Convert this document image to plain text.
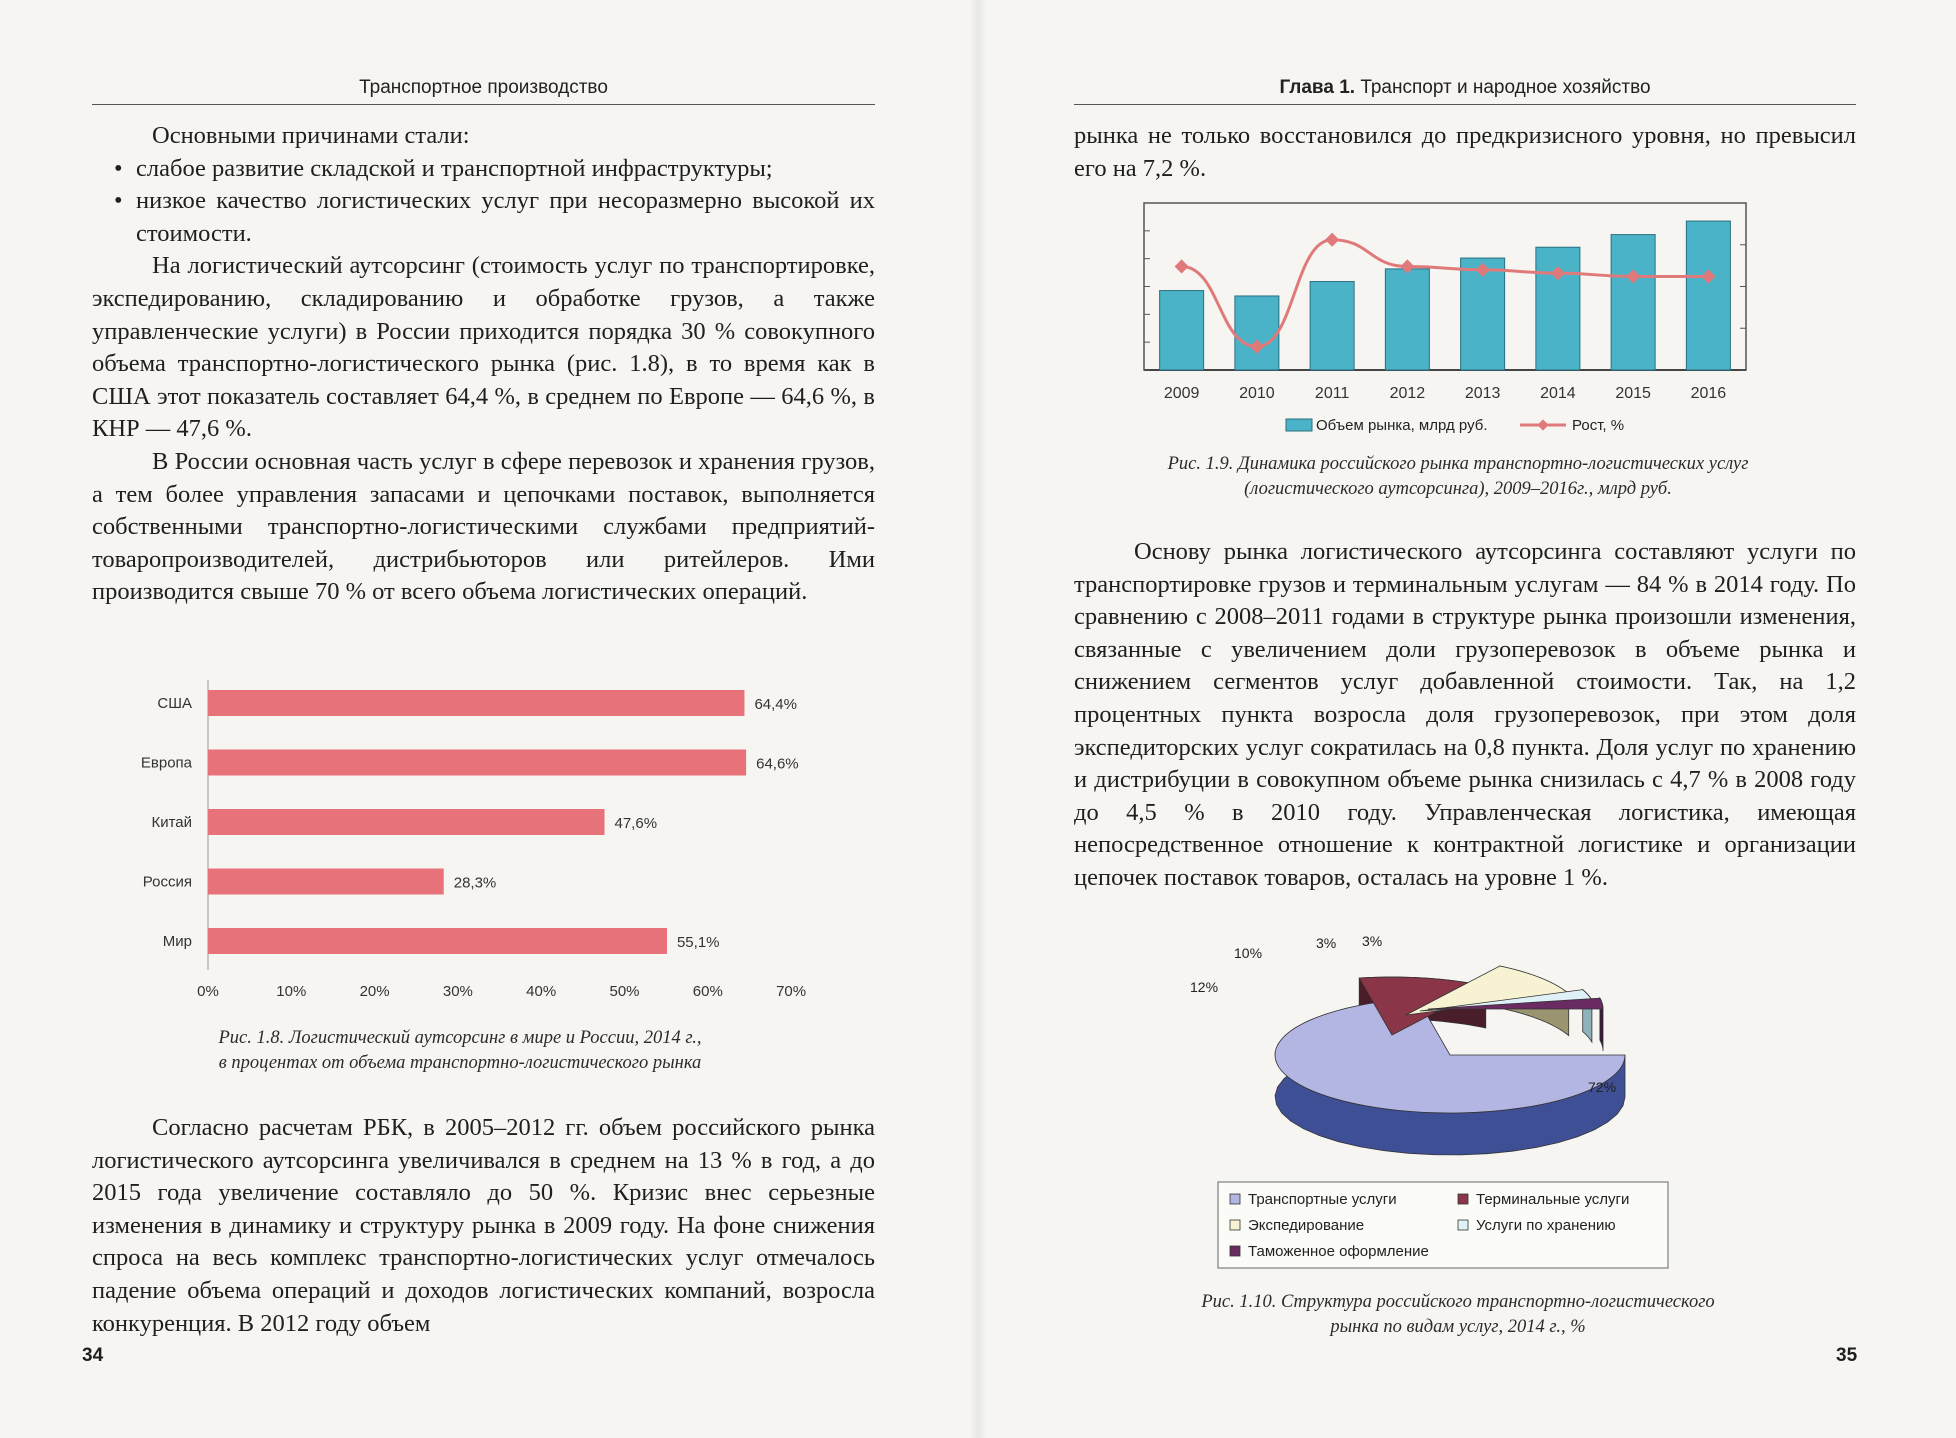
Транспортное производство

Основными причинами стали:

• слабое развитие складской и транспортной инфраструктуры;
• низкое качество логистических услуг при несоразмерно высокой их стоимости.

На логистический аутсорсинг (стоимость услуг по транспортировке, экспедированию, складированию и обработке грузов, а также управленческие услуги) в России приходится порядка 30 % совокупного объема транспортно-логистического рынка (рис. 1.8), в то время как в США этот показатель составляет 64,4 %, в среднем по Европе — 64,6 %, в КНР — 47,6 %.

В России основная часть услуг в сфере перевозок и хранения грузов, а тем более управления запасами и цепочками поставок, выполняется собственными транспортно-логистическими службами предприятий-товаропроизводителей, дистрибьюторов или ритейлеров. Ими производится свыше 70 % от всего объема логистических операций.

США	64,4%
Европа	64,6%
Китай	47,6%
Россия	28,3%
Мир	55,1%
0%	10%	20%	30%	40%	50%	60%	70%
Рис. 1.8. Логистический аутсорсинг в мире и России, 2014 г.,
в процентах от объема транспортно-логистического рынка

Согласно расчетам РБК, в 2005–2012 гг. объем российского рынка логистического аутсорсинга увеличивался в среднем на 13 % в год, а до 2015 года увеличение составляло до 50 %. Кризис внес серьезные изменения в динамику и структуру рынка в 2009 году. На фоне снижения спроса на весь комплекс транспортно-логистических услуг отмечалось падение объема операций и доходов логистических компаний, возросла конкуренция. В 2012 году объем

34
Глава 1. Транспорт и народное хозяйство

рынка не только восстановился до предкризисного уровня, но превысил его на 7,2 %.

2009 2010	2011	2012 2013 2014 2015 2016
Объем рынка, млрд руб.	Рост, %
Рис. 1.9. Динамика российского рынка транспортно-логистических услуг
(логистического аутсорсинга), 2009–2016г., млрд руб.

Основу рынка логистического аутсорсинга составляют услуги по транспортировке грузов и терминальным услугам — 84 % в 2014 году. По сравнению с 2008–2011 годами в структуре рынка произошли изменения, связанные с увеличением доли грузоперевозок в объеме рынка и снижением сегментов услуг добавленной стоимости. Так, на 1,2 процентных пункта возросла доля грузоперевозок, при этом доля экспедиторских услуг сократилась на 0,8 пункта. Доля услуг по хранению и дистрибуции в совокупном объеме рынка снизилась с 4,7 % в 2008 году до 4,5 % в 2010 году. Управленческая логистика, имеющая непосредственное отношение к контрактной логистике и организации цепочек поставок товаров, осталась на уровне 1 %.

72%
12%
10%
3% 3%
Транспортные услуги	Терминальные услуги
Экспедирование	Услуги по хранению
Таможенное оформление
Рис. 1.10. Структура российского транспортно-логистического
рынка по видам услуг, 2014 г., %
35
